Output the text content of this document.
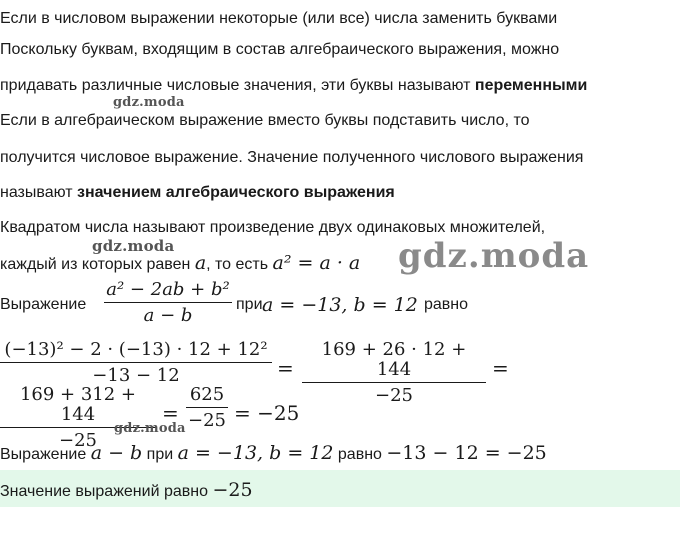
Если в числовом выражении некоторые (или все) числа заменить буквами
Поскольку буквам, входящим в состав алгебраического выражения, можно
придавать различные числовые значения, эти буквы называют переменными
gdz.moda
Если в алгебраическом выражение вместо буквы подставить число, то
получится числовое выражение. Значение полученного числового выражения
называют значением алгебраического выражения
Квадратом числа называют произведение двух одинаковых множителей,
gdz.moda
каждый из которых равен a, то есть a² = a · a gdz.moda
Выражение $\frac{\text{a² − 2ab + b²}}{a - b}$ при a = −13, b = 12 равно
$\frac{\text{(−13)² − 2 · (−13) · 12 + 12²}}{-13 - 12} = \frac{169 + 26 \cdot 12 + 144}{-25}$ =
$\frac{169 + 312 + 144}{-25}$
gdz.moda
= $\frac{625}{-25} = -25$
Выражение a − b при a = −13, b = 12 равно −13 − 12 = −25
Значение выражений равно −25
